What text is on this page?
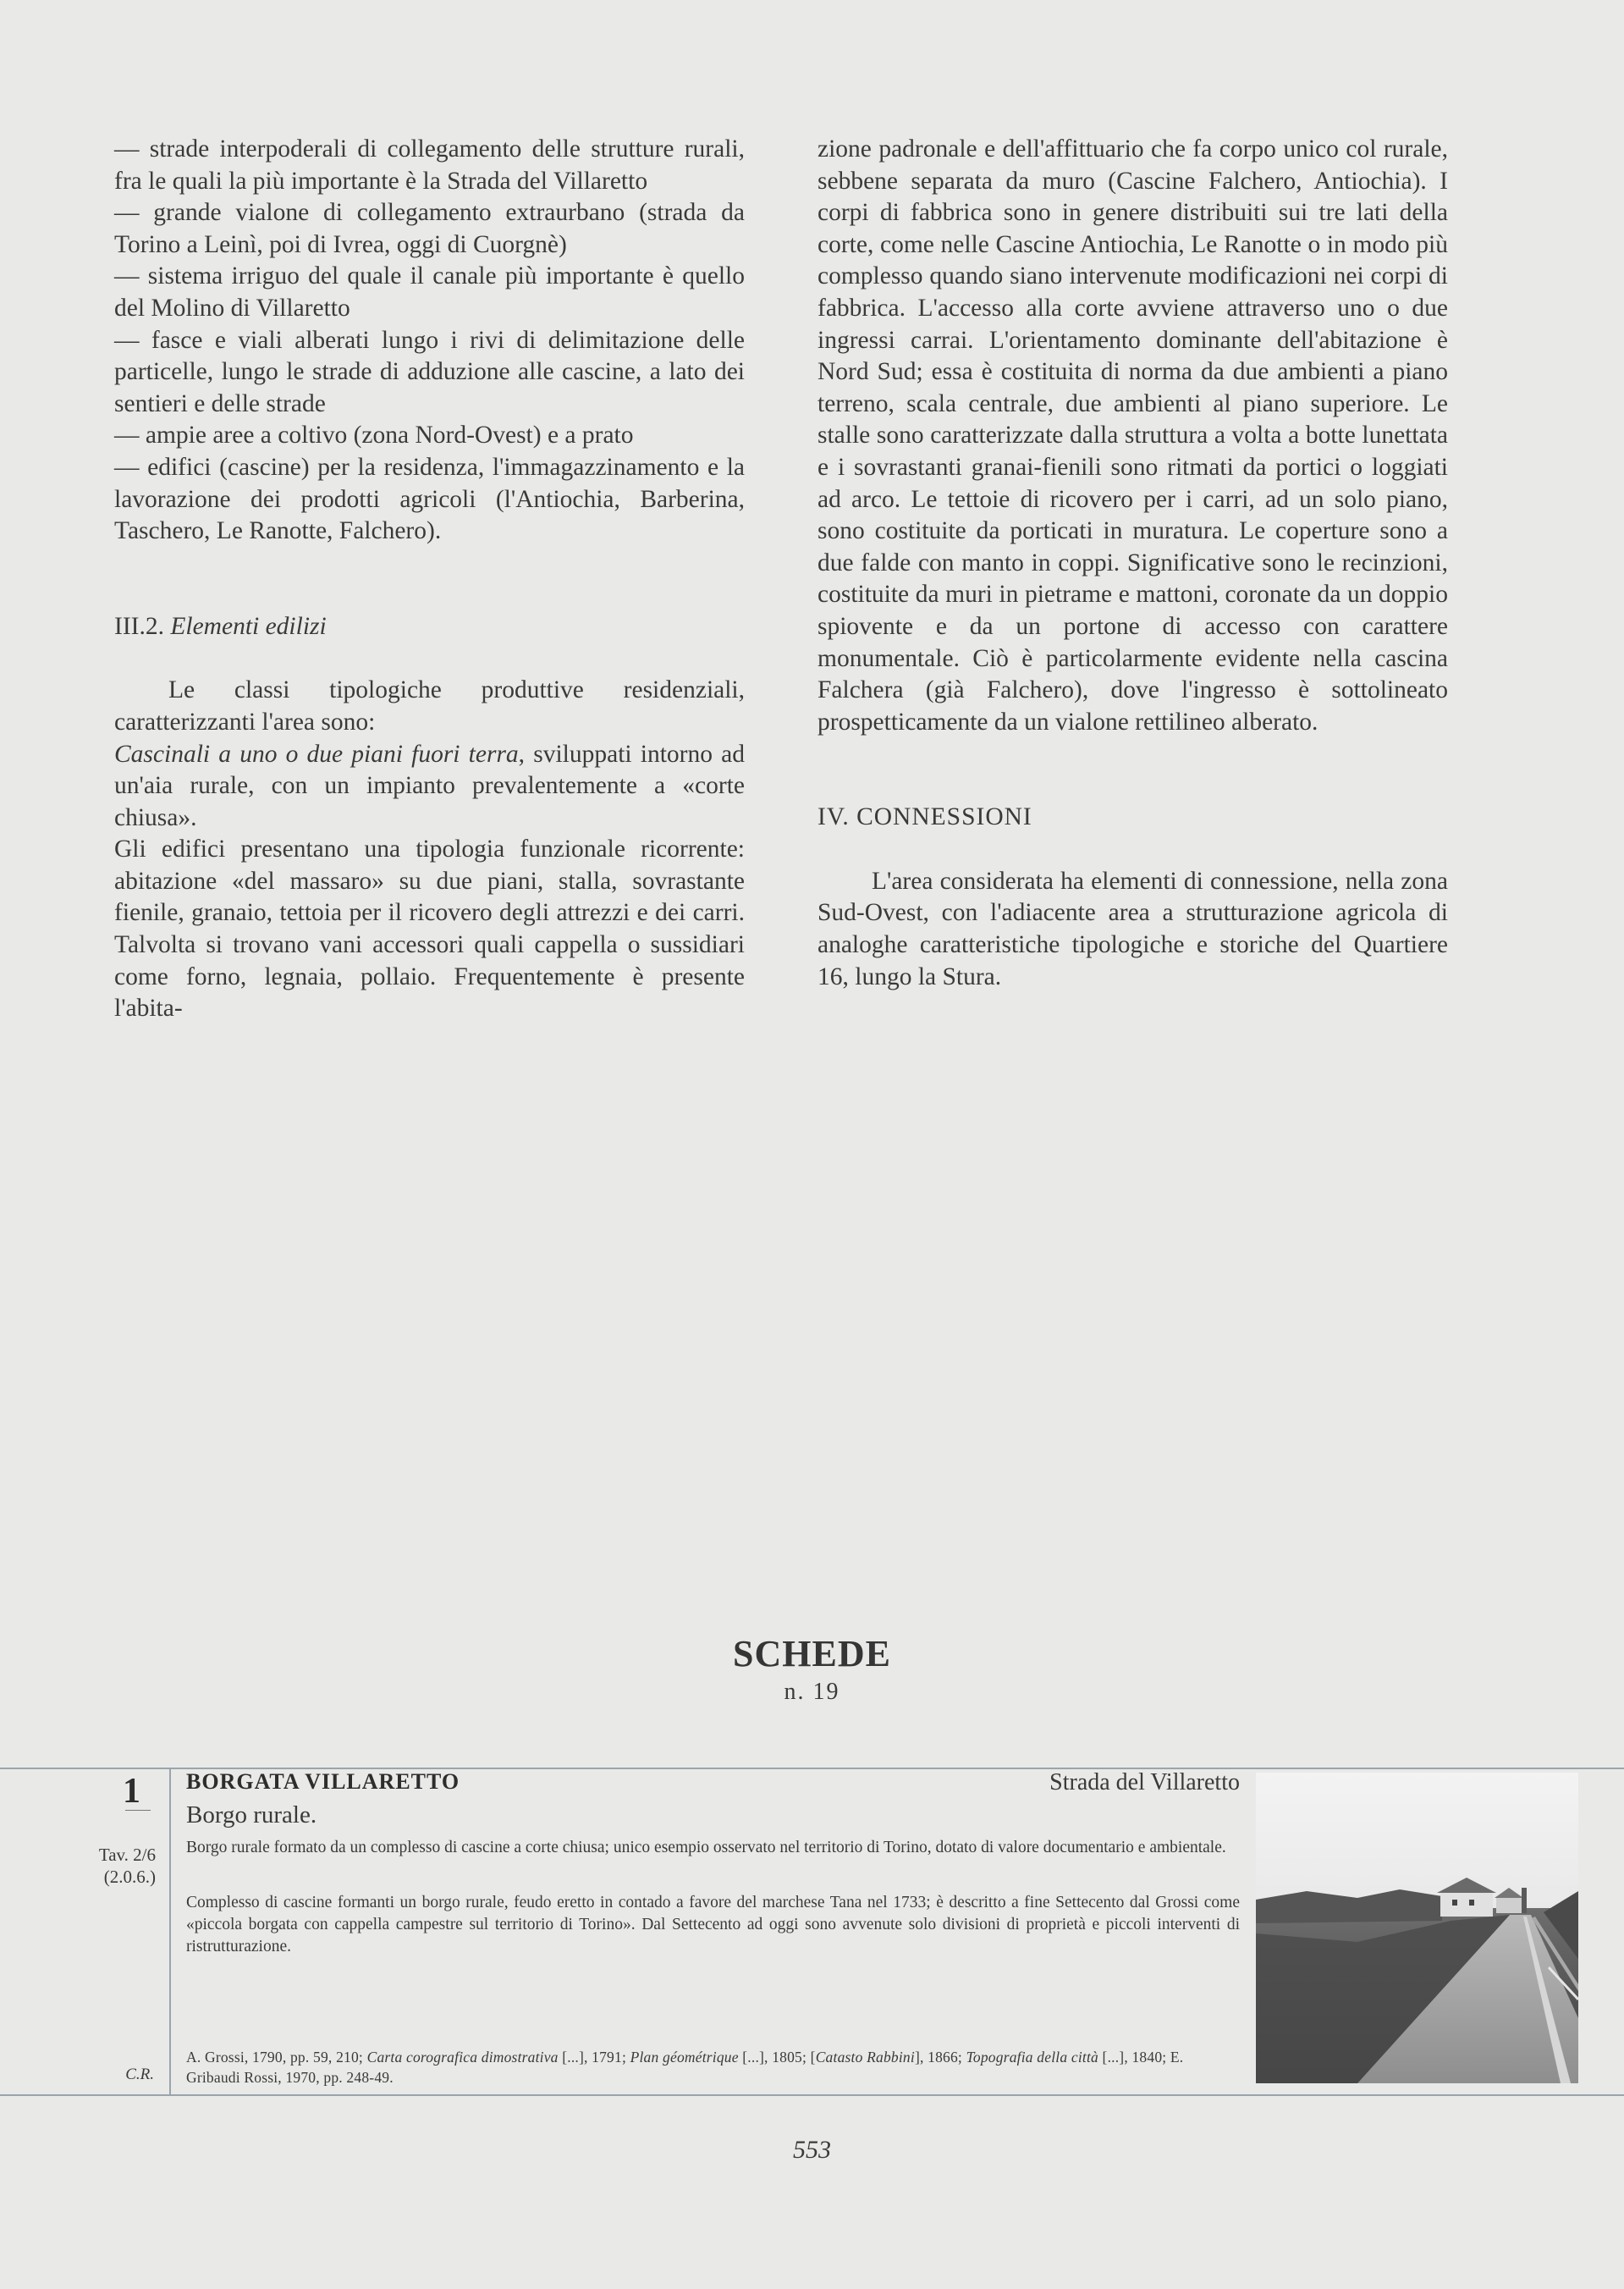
— strade interpoderali di collegamento delle strutture rurali, fra le quali la più importante è la Strada del Villaretto

— grande vialone di collegamento extraurbano (strada da Torino a Leinì, poi di Ivrea, oggi di Cuorgnè)

— sistema irriguo del quale il canale più importante è quello del Molino di Villaretto

— fasce e viali alberati lungo i rivi di delimitazione delle particelle, lungo le strade di adduzione alle cascine, a lato dei sentieri e delle strade

— ampie aree a coltivo (zona Nord-Ovest) e a prato

— edifici (cascine) per la residenza, l'immagazzinamento e la lavorazione dei prodotti agricoli (l'Antiochia, Barberina, Taschero, Le Ranotte, Falchero).

III.2. Elementi edilizi

Le classi tipologiche produttive residenziali, caratterizzanti l'area sono:

Cascinali a uno o due piani fuori terra, sviluppati intorno ad un'aia rurale, con un impianto prevalentemente a «corte chiusa».

Gli edifici presentano una tipologia funzionale ricorrente: abitazione «del massaro» su due piani, stalla, sovrastante fienile, granaio, tettoia per il ricovero degli attrezzi e dei carri. Talvolta si trovano vani accessori quali cappella o sussidiari come forno, legnaia, pollaio. Frequentemente è presente l'abita-

zione padronale e dell'affittuario che fa corpo unico col rurale, sebbene separata da muro (Cascine Falchero, Antiochia). I corpi di fabbrica sono in genere distribuiti sui tre lati della corte, come nelle Cascine Antiochia, Le Ranotte o in modo più complesso quando siano intervenute modificazioni nei corpi di fabbrica. L'accesso alla corte avviene attraverso uno o due ingressi carrai. L'orientamento dominante dell'abitazione è Nord Sud; essa è costituita di norma da due ambienti a piano terreno, scala centrale, due ambienti al piano superiore. Le stalle sono caratterizzate dalla struttura a volta a botte lunettata e i sovrastanti granai-fienili sono ritmati da portici o loggiati ad arco. Le tettoie di ricovero per i carri, ad un solo piano, sono costituite da porticati in muratura. Le coperture sono a due falde con manto in coppi. Significative sono le recinzioni, costituite da muri in pietrame e mattoni, coronate da un doppio spiovente e da un portone di accesso con carattere monumentale. Ciò è particolarmente evidente nella cascina Falchera (già Falchero), dove l'ingresso è sottolineato prospetticamente da un vialone rettilineo alberato.

IV. CONNESSIONI

L'area considerata ha elementi di connessione, nella zona Sud-Ovest, con l'adiacente area a strutturazione agricola di analoghe caratteristiche tipologiche e storiche del Quartiere 16, lungo la Stura.

SCHEDE
n. 19
1
Tav. 2/6
(2.0.6.)
C.R.
BORGATA VILLARETTO	Strada del Villaretto
Borgo rurale.

Borgo rurale formato da un complesso di cascine a corte chiusa; unico esempio osservato nel territorio di Torino, dotato di valore documentario e ambientale.

Complesso di cascine formanti un borgo rurale, feudo eretto in contado a favore del marchese Tana nel 1733; è descritto a fine Settecento dal Grossi come «piccola borgata con cappella campestre sul territorio di Torino». Dal Settecento ad oggi sono avvenute solo divisioni di proprietà e piccoli interventi di ristrutturazione.

A. Grossi, 1790, pp. 59, 210; Carta corografica dimostrativa [...], 1791; Plan géométrique [...], 1805; [Catasto Rabbini], 1866; Topografia della città [...], 1840; E. Gribaudi Rossi, 1970, pp. 248-49.

553
